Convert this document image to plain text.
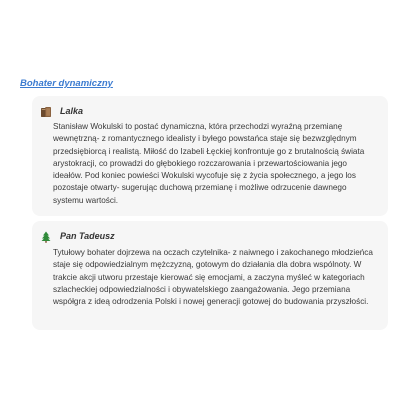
Bohater dynamiczny
Lalka
Stanisław Wokulski to postać dynamiczna, która przechodzi wyraźną przemianę wewnętrzną- z romantycznego idealisty i byłego powstańca staje się bezwzględnym przedsiębiorcą i realistą. Miłość do Izabeli Łęckiej konfrontuje go z brutalnością świata arystokracji, co prowadzi do głębokiego rozczarowania i przewartościowania jego ideałów. Pod koniec powieści Wokulski wycofuje się z życia społecznego, a jego los pozostaje otwarty- sugerując duchową przemianę i możliwe odrzucenie dawnego systemu wartości.
Pan Tadeusz
Tytułowy bohater dojrzewa na oczach czytelnika- z naiwnego i zakochanego młodzieńca staje się odpowiedzialnym mężczyzną, gotowym do działania dla dobra wspólnoty. W trakcie akcji utworu przestaje kierować się emocjami, a zaczyna myśleć w kategoriach szlacheckiej odpowiedzialności i obywatelskiego zaangażowania. Jego przemiana współgra z ideą odrodzenia Polski i nowej generacji gotowej do budowania przyszłości.
